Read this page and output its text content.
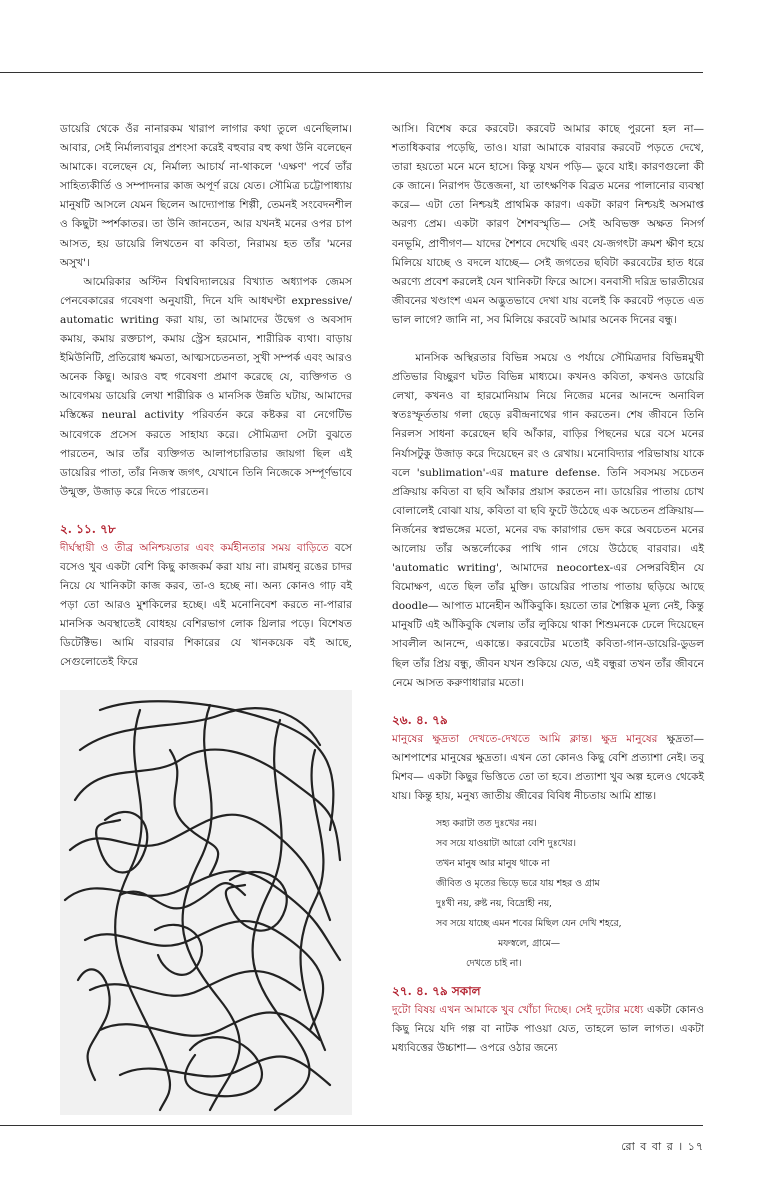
ডায়েরি থেকে ওঁর নানারকম খারাপ লাগার কথা তুলে এনেছিলাম। আবার, সেই নির্মাল্যবাবুর প্রশংসা করেই বহুবার বহু কথা উনি বলেছেন আমাকে। বলেছেন যে, নির্মাল্য আচার্য না-থাকলে 'এক্ষণ' পর্বে তাঁর সাহিত্যকীর্তি ও সম্পাদনার কাজ অপূর্ণ রয়ে যেত। সৌমিত্র চট্টোপাধ্যায় মানুষটি আসলে যেমন ছিলেন আদ্যোপান্ত শিল্পী, তেমনই সংবেদনশীল ও কিছুটা স্পর্শকাতর। তা উনি জানতেন, আর যখনই মনের ওপর চাপ আসত, হয় ডায়েরি লিখতেন বা কবিতা, নিরাময় হত তাঁর 'মনের অসুখ'।

আমেরিকার অস্টিন বিশ্ববিদ্যালয়ের বিখ্যাত অধ্যাপক জেমস পেনবেকারের গবেষণা অনুযায়ী, দিনে যদি আধঘণ্টা expressive/ automatic writing করা যায়, তা আমাদের উদ্বেগ ও অবসাদ কমায়, কমায় রক্তচাপ, কমায় স্ট্রেস হরমোন, শারীরিক ব্যথা। বাড়ায় ইমিউনিটি, প্রতিরোধ ক্ষমতা, আত্মসচেতনতা, সুখী সম্পর্ক এবং আরও অনেক কিছু। আরও বহু গবেষণা প্রমাণ করেছে যে, ব্যক্তিগত ও আবেগময় ডায়েরি লেখা শারীরিক ও মানসিক উন্নতি ঘটায়, আমাদের মস্তিষ্কের neural activity পরিবর্তন করে কষ্টকর বা নেগেটিভ আবেগকে প্রসেস করতে সাহায্য করে। সৌমিত্রদা সেটা বুঝতে পারতেন, আর তাঁর ব্যক্তিগত আলাপচারিতার জায়গা ছিল এই ডায়েরির পাতা, তাঁর নিজস্ব জগৎ, যেখানে তিনি নিজেকে সম্পূর্ণভাবে উন্মুক্ত, উজাড় করে দিতে পারতেন।

২. ১১. ৭৮

দীর্ঘস্থায়ী ও তীব্র অনিশ্চয়তার এবং কর্মহীনতার সময় বাড়িতে বসে বসেও খুব একটা বেশি কিছু কাজকর্ম করা যায় না। রামধনু রঙের চাদর নিয়ে যে খানিকটা কাজ করব, তা-ও হচ্ছে না। অন্য কোনও গাঢ় বই পড়া তো আরও মুশকিলের হচ্ছে। এই মনোনিবেশ করতে না-পারার মানসিক অবস্থাতেই বোধহয় বেশিরভাগ লোক থ্রিলার পড়ে। বিশেষত ডিটেক্টিভ। আমি বারবার শিকারের যে খানকয়েক বই আছে, সেগুলোতেই ফিরে

আসি। বিশেষ করে করবেট। করবেট আমার কাছে পুরনো হল না— শতাধিকবার পড়েছি, তাও। যারা আমাকে বারবার করবেট পড়তে দেখে, তারা হয়তো মনে মনে হাসে। কিন্তু যখন পড়ি— ডুবে যাই। কারণগুলো কী কে জানে। নিরাপদ উত্তেজনা, যা তাৎক্ষণিক বিব্রত মনের পালানোর ব্যবস্থা করে— এটা তো নিশ্চয়ই প্রাথমিক কারণ। একটা কারণ নিশ্চয়ই অসমাপ্ত অরণ্য প্রেম। একটা কারণ শৈশবস্মৃতি— সেই অবিভক্ত অক্ষত নিসর্গ বনভূমি, প্রাণীগণ— যাদের শৈশবে দেখেছি এবং যে-জগৎটা ক্রমশ ক্ষীণ হয়ে মিলিয়ে যাচ্ছে ও বদলে যাচ্ছে— সেই জগতের ছবিটা করবেটের হাত ধরে অরণ্যে প্রবেশ করলেই যেন খানিকটা ফিরে আসে। বনবাসী দরিদ্র ভারতীয়ের জীবনের খণ্ডাংশ এমন অদ্ভুতভাবে দেখা যায় বলেই কি করবেট পড়তে এত ভাল লাগে? জানি না, সব মিলিয়ে করবেট আমার অনেক দিনের বন্ধু।

মানসিক অস্থিরতার বিভিন্ন সময়ে ও পর্যায়ে সৌমিত্রদার বিভিন্নমুখী প্রতিভার বিচ্ছুরণ ঘটত বিভিন্ন মাধ্যমে। কখনও কবিতা, কখনও ডায়েরি লেখা, কখনও বা হারমোনিয়াম নিয়ে নিজের মনের আনন্দে অনাবিল স্বতঃস্ফূর্ততায় গলা ছেড়ে রবীন্দ্রনাথের গান করতেন। শেষ জীবনে তিনি নিরলস সাধনা করেছেন ছবি আঁকার, বাড়ির পিছনের ঘরে বসে মনের নির্যাসটুকু উজাড় করে দিয়েছেন রং ও রেখায়। মনোবিদ্যার পরিভাষায় যাকে বলে 'sublimation'-এর mature defense. তিনি সবসময় সচেতন প্রক্রিয়ায় কবিতা বা ছবি আঁকার প্রয়াস করতেন না। ডায়েরির পাতায় চোখ বোলালেই বোঝা যায়, কবিতা বা ছবি ফুটে উঠেছে এক অচেতন প্রক্রিয়ায়— নির্জনের স্বপ্নভঙ্গের মতো, মনের বদ্ধ কারাগার ভেদ করে অবচেতন মনের আলোয় তাঁর অন্তর্লোকের পাখি গান গেয়ে উঠেছে বারবার। এই 'automatic writing', আমাদের neocortex-এর সেন্সরবিহীন যে বিমোক্ষণ, এতে ছিল তাঁর মুক্তি। ডায়েরির পাতায় পাতায় ছড়িয়ে আছে doodle— আপাত মানেহীন আঁকিবুকি। হয়তো তার শৈল্পিক মূল্য নেই, কিন্তু মানুষটি এই আঁকিবুকি খেলায় তাঁর লুকিয়ে থাকা শিশুমনকে ঢেলে দিয়েছেন সাবলীল আনন্দে, একান্তে। করবেটের মতোই কবিতা-গান-ডায়েরি-ডুডল ছিল তাঁর প্রিয় বন্ধু, জীবন যখন শুকিয়ে যেত, এই বন্ধুরা তখন তাঁর জীবনে নেমে আসত করুণাধারার মতো।

২৬. ৪. ৭৯

মানুষের ক্ষুদ্রতা দেখতে-দেখতে আমি ক্লান্ত। ক্ষুদ্র মানুষের ক্ষুদ্রতা— আশপাশের মানুষের ক্ষুদ্রতা। এখন তো কোনও কিছু বেশি প্রত্যাশা নেই। তবু মিশব— একটা কিছুর ভিত্তিতে তো তা হবে। প্রত্যাশা খুব অল্প হলেও থেকেই যায়। কিন্তু হায়, মনুষ্য জাতীয় জীবের বিবিধ নীচতায় আমি শ্রান্ত।

সহ্য করাটা তত দুঃখের নয়।
সব সয়ে যাওয়াটা আরো বেশি দুঃখের।
তখন মানুষ আর মানুষ থাকে না
জীবিত ও মৃতের ভিড়ে ভরে যায় শহর ও গ্রাম
দুঃখী নয়, রুষ্ট নয়, বিদ্রোহী নয়,
সব সয়ে যাচ্ছে এমন শবের মিছিল যেন দেখি শহরে,
মফস্বলে, গ্রামে—
দেখতে চাই না।
২৭. ৪. ৭৯ সকাল

দুটো বিষয় এখন আমাকে খুব খোঁচা দিচ্ছে। সেই দুটোর মধ্যে একটা কোনও কিছু নিয়ে যদি গল্প বা নাটক পাওয়া যেত, তাহলে ভাল লাগত। একটা মধ্যবিত্তের উচ্চাশা— ওপরে ওঠার জন্যে

রো ব বা র । ১৭
